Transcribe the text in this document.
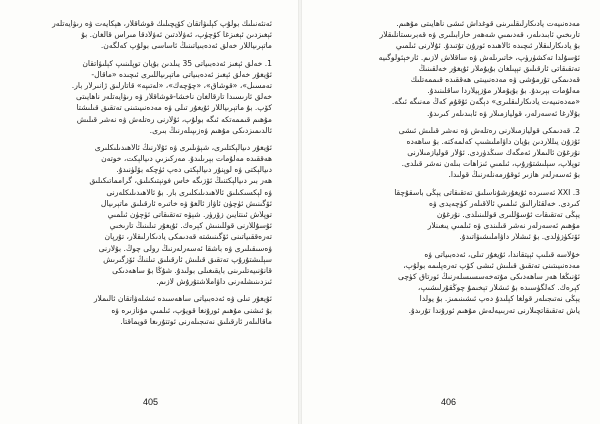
ئەنئەنىلىك بولۇپ كېلىۋاتقان كۆپچىلىك قوشاقلار، ھېكايەت ۋە رىۋايەتلەر
ئېغىزدىن ئېغىزغا كۆچۈپ، ئەۋلادتىن ئەۋلادقا مىراس قالغان. بۇ
ماتېرىياللار خەلق ئەدەبىياتىنىڭ ئاساسى بولۇپ كەلگەن.
1. خەلق ئېغىز ئەدەبىياتى 35 يىلدىن بۇيان توپلىنىپ كېلىۋاتقان
ئۇيغۇر خەلق ئېغىز ئەدەبىياتى ماتېرىياللىرى ئىچىدە «ماقال-
تەمسىل»، «قوشاق»، «چۆچەك»، «لەتىپە» قاتارلىق ژانىرلار بار.
خەلق ئارىسىدا تارقالغان ناخشا-قوشاقلار ۋە رىۋايەتلەر ناھايىتى
كۆپ. بۇ ماتېرىياللار ئۇيغۇر تىلى ۋە مەدەنىيىتىنى تەتقىق قىلىشتا
مۇھىم قىممەتكە ئىگە بولۇپ، ئۇلارنى رەتلەش ۋە نەشر قىلىش
ئالدىمىزدىكى مۇھىم ۋەزىپىلەرنىڭ بىرى.
ئۇيغۇر دىيالېكتلىرى، شېۋىلىرى ۋە ئۇلارنىڭ ئالاھىدىلىكلىرى
ھەققىدە مەلۇمات بېرىلىدۇ. مەركىزىي دىيالېكت، خوتەن
دىيالېكتى ۋە لوپنۇر دىيالېكتى دەپ ئۈچكە بۆلۈنىدۇ.
ھەر بىر دىيالېكتنىڭ ئۆزىگە خاس فونېتىكىلىق، گرامماتىكىلىق
ۋە لېكسىكىلىق ئالاھىدىلىكلىرى بار. بۇ ئالاھىدىلىكلەرنى
ئۆگىنىش ئۈچۈن ئاۋاز ئالغۇ ۋە خاتىرە ئارقىلىق ماتېرىيال
توپلاش ئىنتايىن زۆرۈر. شېۋە تەتقىقاتى ئۈچۈن ئىلمىي
ئۇسۇللارنى قوللىنىش كېرەك. ئۇيغۇر تىلىنىڭ تارىخىي
تەرەققىياتىنى ئۆگىنىشتە قەدىمكى يادىكارلىقلار، تۇرپان
ۋەسىقىلىرى ۋە باشقا ئەسەرلەرنىڭ رولى چوڭ. بۇلارنى
سېلىشتۇرۇپ تەتقىق قىلىش ئارقىلىق تىلنىڭ ئۆزگىرىش
قانۇنىيەتلىرىنى بايقىغىلى بولىدۇ. شۇڭا بۇ ساھەدىكى
ئىزدىنىشلەرنى داۋاملاشتۇرۇش لازىم.
ئۇيغۇر تىلى ۋە ئەدەبىياتى ساھەسىدە ئىشلەۋاتقان ئالىملار
بۇ ئىشنى مۇھىم ئورۇنغا قويۇپ، ئىلمىي مۇنازىرە ۋە
ماقالىلەر ئارقىلىق نەتىجىلەرنى ئوتتۇرىغا قويماقتا.
405
مەدەنىيەت يادىكارلىقلىرىنى قوغداش ئىشى ناھايىتى مۇھىم.
تارىخىي ئابىدىلەر، قەدىمىي شەھەر خارابىلىرى ۋە قەبرىستانلىقلار
بۇ يادىكارلىقلار ئىچىدە ئالاھىدە ئورۇن تۇتىدۇ. ئۇلارنى ئىلمىي
ئۇسۇلدا تەكشۈرۈپ، خاتىرىلەش ۋە ساقلاش لازىم. ئارخېئولوگىيە
تەتقىقاتى ئارقىلىق تېپىلغان بۇيۇملار ئۇيغۇر خەلقىنىڭ
قەدىمكى تۇرمۇشى ۋە مەدەنىيىتى ھەققىدە قىممەتلىك
مەلۇمات بېرىدۇ. بۇ بۇيۇملار مۇزېيلاردا ساقلىنىدۇ.
«مەدەنىيەت يادىكارلىقلىرى» دېگەن ئۇقۇم كەڭ مەنىگە ئىگە.
بۇلارغا ئەسەرلەر، قوليازمىلار ۋە ئابىدىلەر كىرىدۇ.
2. قەدىمكى قوليازمىلارنى رەتلەش ۋە نەشر قىلىش ئىشى
ئۇزۇن يىللاردىن بۇيان داۋاملىشىپ كەلمەكتە. بۇ ساھەدە
نۇرغۇن ئالىملار ئەمگەك سىڭدۈردى. ئۇلار قوليازمىلارنى
توپلاپ، سېلىشتۇرۇپ، ئىلمىي ئىزاھات بىلەن نەشر قىلدى.
بۇ ئەسەرلەر ھازىر ئوقۇرمەنلەرنىڭ قولىدا.
3. XXI ئەسىردە ئۇيغۇرشۇناسلىق تەتقىقاتى يېڭى باسقۇچقا
كىردى. خەلقئارالىق ئىلمىي ئالاقىلەر كۈچەيدى ۋە
يېڭى تەتقىقات ئۇسۇللىرى قوللىنىلدى. نۇرغۇن
مۇھىم ئەسەرلەر نەشر قىلىندى ۋە ئىلمىي يىغىنلار
ئۆتكۈزۈلدى. بۇ ئىشلار داۋاملىشىۋاتىدۇ.
خۇلاسە قىلىپ ئېيتقاندا، ئۇيغۇر تىلى، ئەدەبىياتى ۋە
مەدەنىيىتىنى تەتقىق قىلىش ئىشى كۆپ تەرەپلىمە بولۇپ،
ئۇنىڭغا ھەر ساھەدىكى مۇتەخەسسىسلەرنىڭ ئورتاق كۈچى
كېرەك. كەلگۈسىدە بۇ ئىشلار تېخىمۇ چوڭقۇرلىشىپ،
يېڭى نەتىجىلەر قولغا كېلىدۇ دەپ ئىشىنىمىز. بۇ يولدا
ياش تەتقىقاتچىلارنى تەربىيەلەش مۇھىم ئورۇندا تۇرىدۇ.
406
